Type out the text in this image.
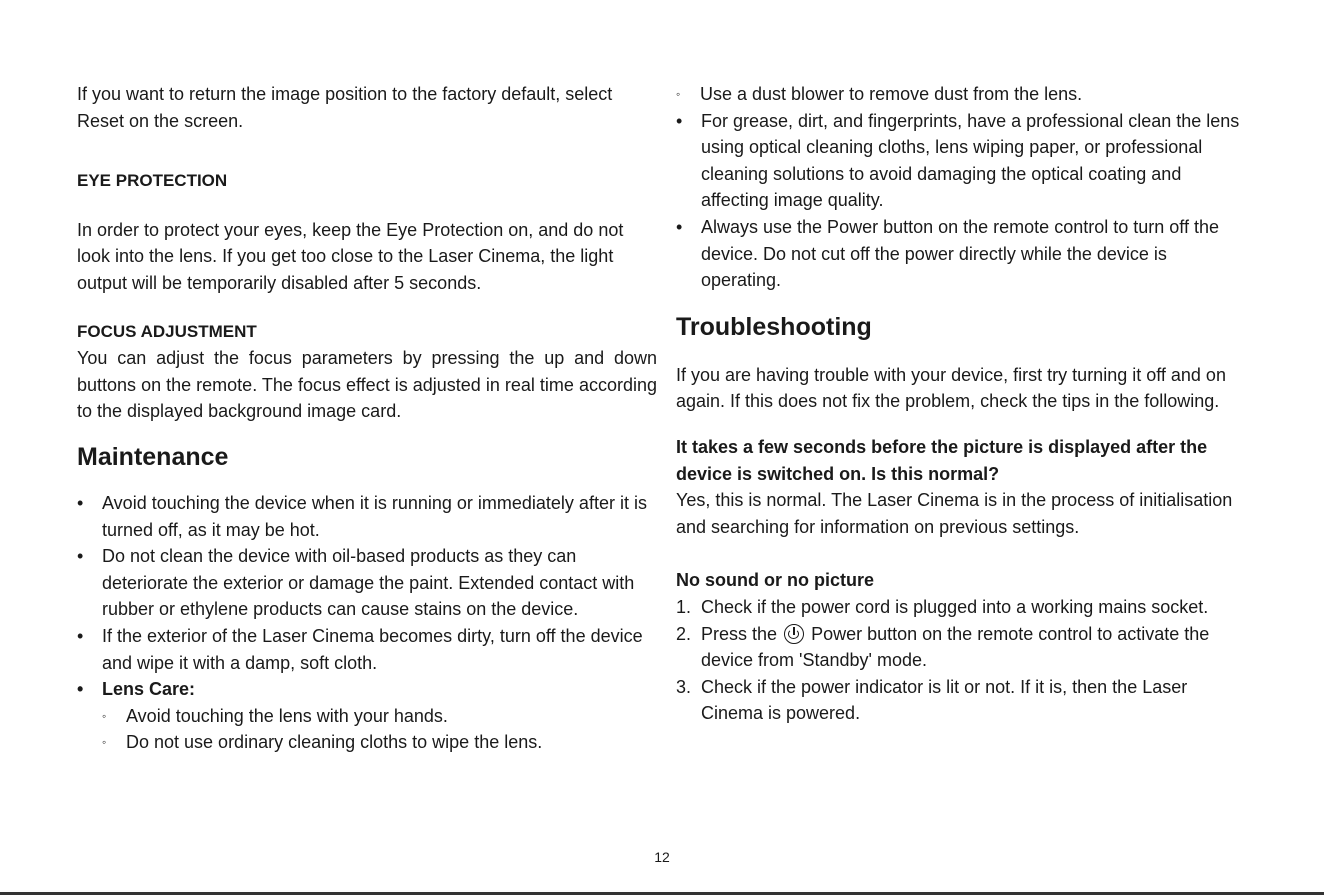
If you want to return the image position to the factory default, select Reset on the screen.

EYE PROTECTION

In order to protect your eyes, keep the Eye Protection on, and do not look into the lens. If you get too close to the Laser Cinema, the light output will be temporarily disabled after 5 seconds.

FOCUS ADJUSTMENT

You can adjust the focus parameters by pressing the up and down buttons on the remote. The focus effect is adjusted in real time according to the displayed background image card.

Maintenance

• Avoid touching the device when it is running or immediately after it is turned off, as it may be hot.
• Do not clean the device with oil-based products as they can deteriorate the exterior or damage the paint. Extended contact with rubber or ethylene products can cause stains on the device.
• If the exterior of the Laser Cinema becomes dirty, turn off the device and wipe it with a damp, soft cloth.
• Lens Care:
◦ Avoid touching the lens with your hands.
◦ Do not use ordinary cleaning cloths to wipe the lens.
◦ Use a dust blower to remove dust from the lens.
• For grease, dirt, and fingerprints, have a professional clean the lens using optical cleaning cloths, lens wiping paper, or professional cleaning solutions to avoid damaging the optical coating and affecting image quality.
• Always use the Power button on the remote control to turn off the device. Do not cut off the power directly while the device is operating.

Troubleshooting

If you are having trouble with your device, first try turning it off and on again. If this does not fix the problem, check the tips in the following.

It takes a few seconds before the picture is displayed after the device is switched on. Is this normal?

Yes, this is normal. The Laser Cinema is in the process of initialisation and searching for information on previous settings.

No sound or no picture

1. Check if the power cord is plugged into a working mains socket.
2. Press the Power button on the remote control to activate the device from 'Standby' mode.
3. Check if the power indicator is lit or not. If it is, then the Laser Cinema is powered.
12
